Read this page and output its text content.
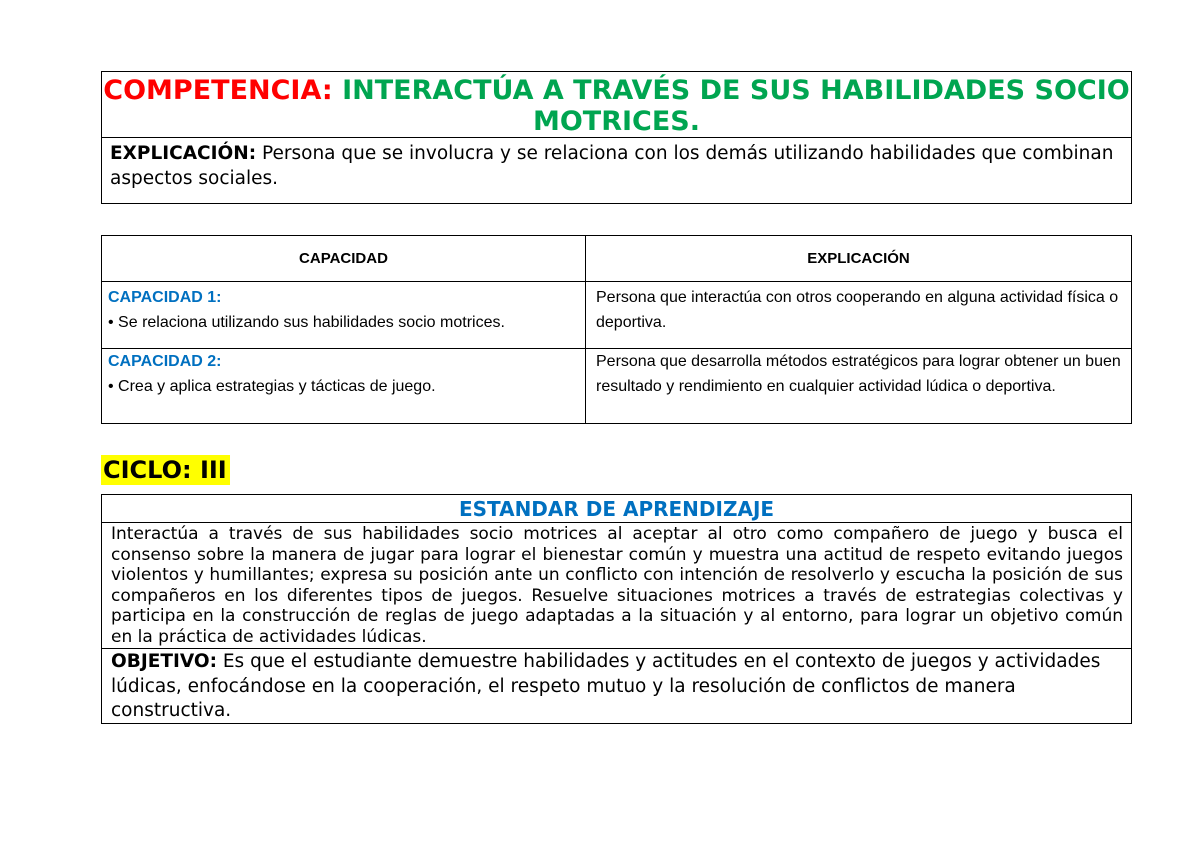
COMPETENCIA: INTERACTÚA A TRAVÉS DE SUS HABILIDADES SOCIO MOTRICES.
EXPLICACIÓN: Persona que se involucra y se relaciona con los demás utilizando habilidades que combinan aspectos sociales.
CAPACIDAD	EXPLICACIÓN
CAPACIDAD 1:
• Se relaciona utilizando sus habilidades socio motrices.
Persona que interactúa con otros cooperando en alguna actividad física o deportiva.
CAPACIDAD 2:
• Crea y aplica estrategias y tácticas de juego.
Persona que desarrolla métodos estratégicos para lograr obtener un buen resultado y rendimiento en cualquier actividad lúdica o deportiva.
CICLO: III
ESTANDAR DE APRENDIZAJE
Interactúa a través de sus habilidades socio motrices al aceptar al otro como compañero de juego y busca el consenso sobre la manera de jugar para lograr el bienestar común y muestra una actitud de respeto evitando juegos violentos y humillantes; expresa su posición ante un conflicto con intención de resolverlo y escucha la posición de sus compañeros en los diferentes tipos de juegos. Resuelve situaciones motrices a través de estrategias colectivas y participa en la construcción de reglas de juego adaptadas a la situación y al entorno, para lograr un objetivo común en la práctica de actividades lúdicas.
OBJETIVO: Es que el estudiante demuestre habilidades y actitudes en el contexto de juegos y actividades lúdicas, enfocándose en la cooperación, el respeto mutuo y la resolución de conflictos de manera constructiva.
